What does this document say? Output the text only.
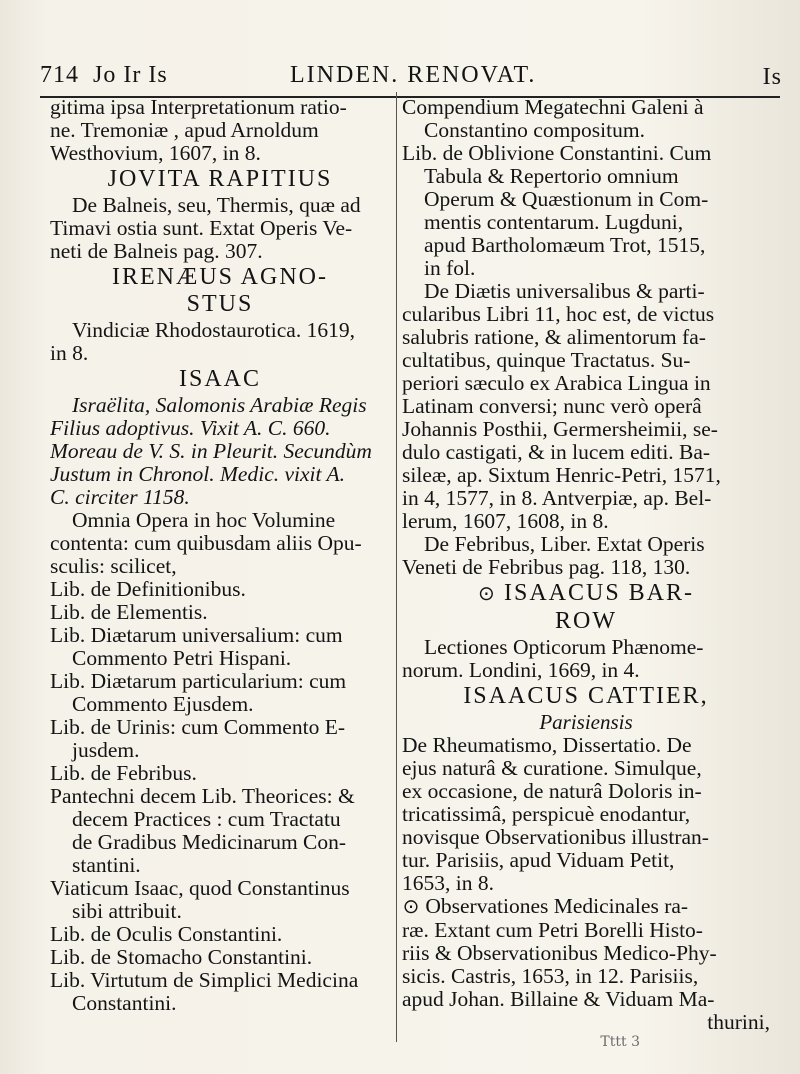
714 Jo Ir Is	LINDEN. RENOVAT.	Is
gitima ipsa Interpretationum ratio-
ne. Tremoniæ , apud Arnoldum
Westhovium, 1607, in 8.
JOVITA RAPITIUS
De Balneis, seu, Thermis, quæ ad
Timavi ostia sunt. Extat Operis Ve-
neti de Balneis pag. 307.
IRENÆUS AGNO-
STUS
Vindiciæ Rhodostaurotica. 1619,
in 8.
ISAAC
Israëlita, Salomonis Arabiæ Regis
Filius adoptivus. Vixit A. C. 660.
Moreau de V. S. in Pleurit. Secundùm
Justum in Chronol. Medic. vixit A.
C. circiter 1158.
Omnia Opera in hoc Volumine
contenta: cum quibusdam aliis Opu-
sculis: scilicet,
Lib. de Definitionibus.
Lib. de Elementis.
Lib. Diætarum universalium: cum
Commento Petri Hispani.
Lib. Diætarum particularium: cum
Commento Ejusdem.
Lib. de Urinis: cum Commento E-
jusdem.
Lib. de Febribus.
Pantechni decem Lib. Theorices: &
decem Practices : cum Tractatu
de Gradibus Medicinarum Con-
stantini.
Viaticum Isaac, quod Constantinus
sibi attribuit.
Lib. de Oculis Constantini.
Lib. de Stomacho Constantini.
Lib. Virtutum de Simplici Medicina
Constantini.
Compendium Megatechni Galeni à
Constantino compositum.
Lib. de Oblivione Constantini. Cum
Tabula & Repertorio omnium
Operum & Quæstionum in Com-
mentis contentarum. Lugduni,
apud Bartholomæum Trot, 1515,
in fol.
De Diætis universalibus & parti-
cularibus Libri 11, hoc est, de victus
salubris ratione, & alimentorum fa-
cultatibus, quinque Tractatus. Su-
periori sæculo ex Arabica Lingua in
Latinam conversi; nunc verò operâ
Johannis Posthii, Germersheimii, se-
dulo castigati, & in lucem editi. Ba-
sileæ, ap. Sixtum Henric-Petri, 1571,
in 4, 1577, in 8. Antverpiæ, ap. Bel-
lerum, 1607, 1608, in 8.
De Febribus, Liber. Extat Operis
Veneti de Febribus pag. 118, 130.
⊙ ISAACUS BAR-
ROW
Lectiones Opticorum Phænome-
norum. Londini, 1669, in 4.
ISAACUS CATTIER,
Parisiensis
De Rheumatismo, Dissertatio. De
ejus naturâ & curatione. Simulque,
ex occasione, de naturâ Doloris in-
tricatissimâ, perspicuè enodantur,
novisque Observationibus illustran-
tur. Parisiis, apud Viduam Petit,
1653, in 8.
⊙ Observationes Medicinales ra-
ræ. Extant cum Petri Borelli Histo-
riis & Observationibus Medico-Phy-
sicis. Castris, 1653, in 12. Parisiis,
apud Johan. Billaine & Viduam Ma-
thurini,
Tttt 3
